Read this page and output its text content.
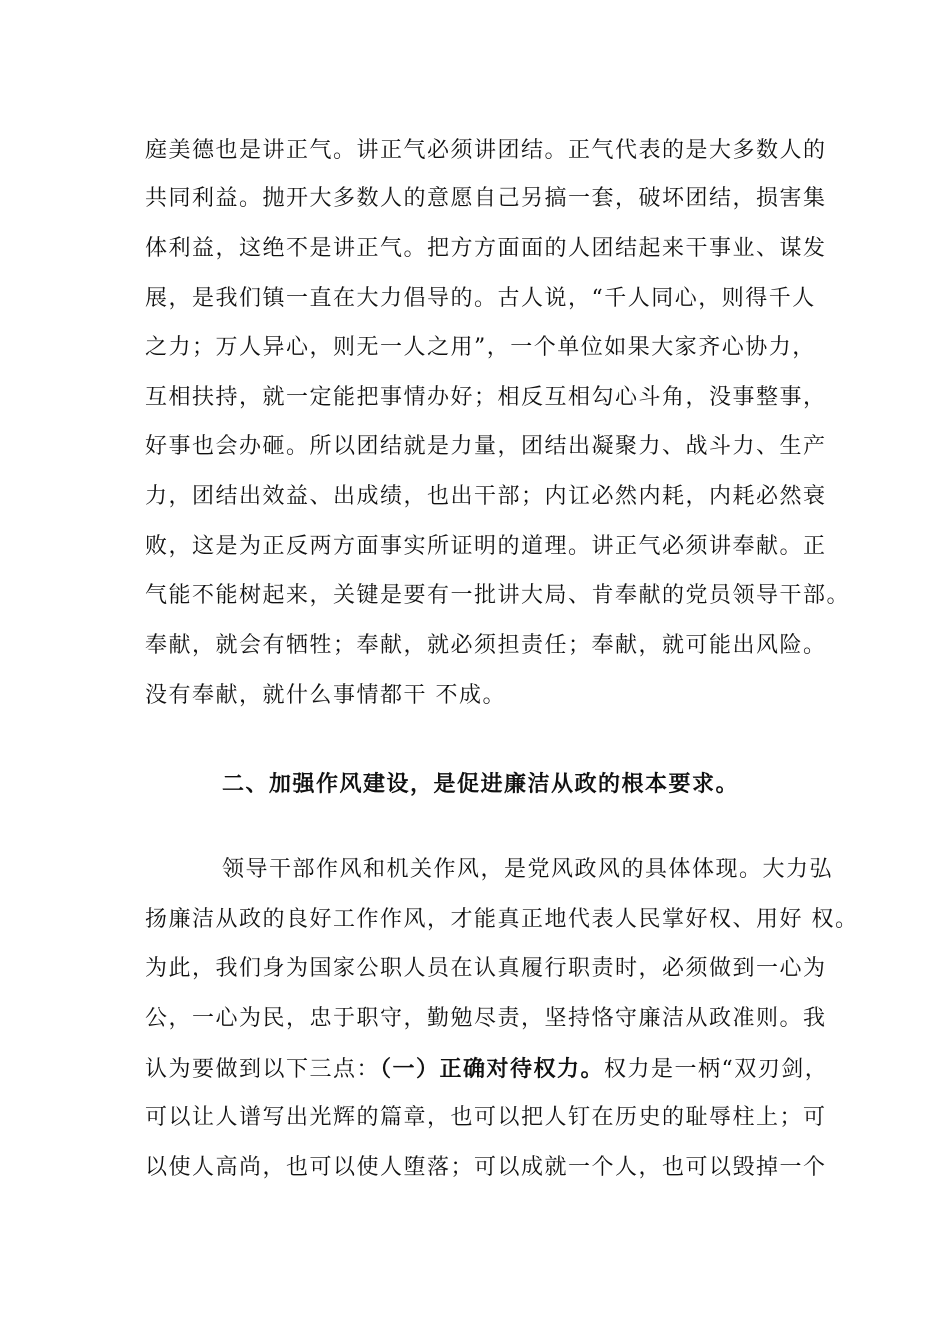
庭美德也是讲正气。讲正气必须讲团结。正气代表的是大多数人的
共同利益。抛开大多数人的意愿自己另搞一套，破坏团结，损害集
体利益，这绝不是讲正气。把方方面面的人团结起来干事业、谋发
展，是我们镇一直在大力倡导的。古人说，“千人同心，则得千人
之力；万人异心，则无一人之用”，一个单位如果大家齐心协力，
互相扶持，就一定能把事情办好；相反互相勾心斗角，没事整事，
好事也会办砸。所以团结就是力量，团结出凝聚力、战斗力、生产
力，团结出效益、出成绩，也出干部；内讧必然内耗，内耗必然衰
败，这是为正反两方面事实所证明的道理。讲正气必须讲奉献。正
气能不能树起来，关键是要有一批讲大局、肯奉献的党员领导干部。
奉献，就会有牺牲；奉献，就必须担责任；奉献，就可能出风险。
没有奉献，就什么事情都干 不成。
二、加强作风建设，是促进廉洁从政的根本要求。
领导干部作风和机关作风，是党风政风的具体体现。大力弘
扬廉洁从政的良好工作作风，才能真正地代表人民掌好权、用好 权。
为此，我们身为国家公职人员在认真履行职责时，必须做到一心为
公，一心为民，忠于职守，勤勉尽责，坚持恪守廉洁从政准则。我
认为要做到以下三点：（一）正确对待权力。权力是一柄“双刃剑，
可以让人谱写出光辉的篇章，也可以把人钉在历史的耻辱柱上；可
以使人高尚，也可以使人堕落；可以成就一个人，也可以毁掉一个
